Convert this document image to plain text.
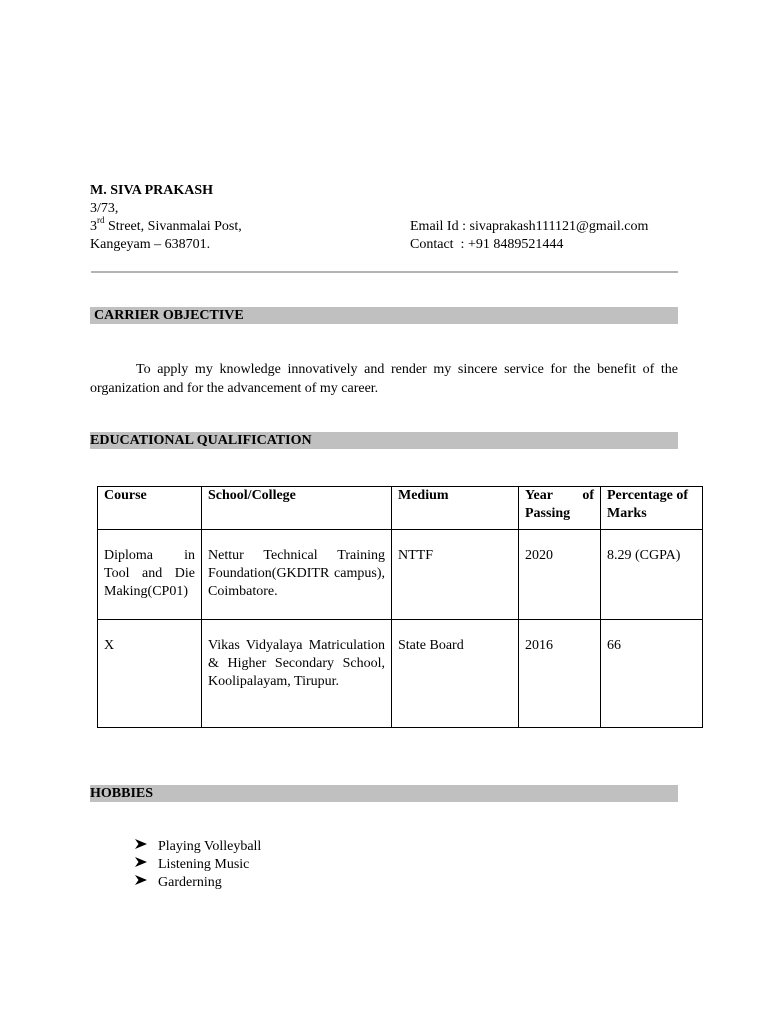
M. SIVA PRAKASH
3/73,
3rd Street, Sivanmalai Post,
Kangeyam – 638701.
Email Id : sivaprakash111121@gmail.com
Contact  : +91 8489521444
CARRIER OBJECTIVE
To apply my knowledge innovatively and render my sincere service for the benefit of the organization and for the advancement of my career.
EDUCATIONAL QUALIFICATION
Course	School/College	Medium	Year of Passing	Percentage of Marks

Diploma in Tool and Die Making(CP01)	Nettur Technical Training Foundation(GKDITR campus), Coimbatore.	NTTF	2020	8.29 (CGPA)

X	Vikas Vidyalaya Matriculation & Higher Secondary School, Koolipalayam, Tirupur.	State Board	2016	66
HOBBIES
Playing Volleyball
Listening Music
Garderning
